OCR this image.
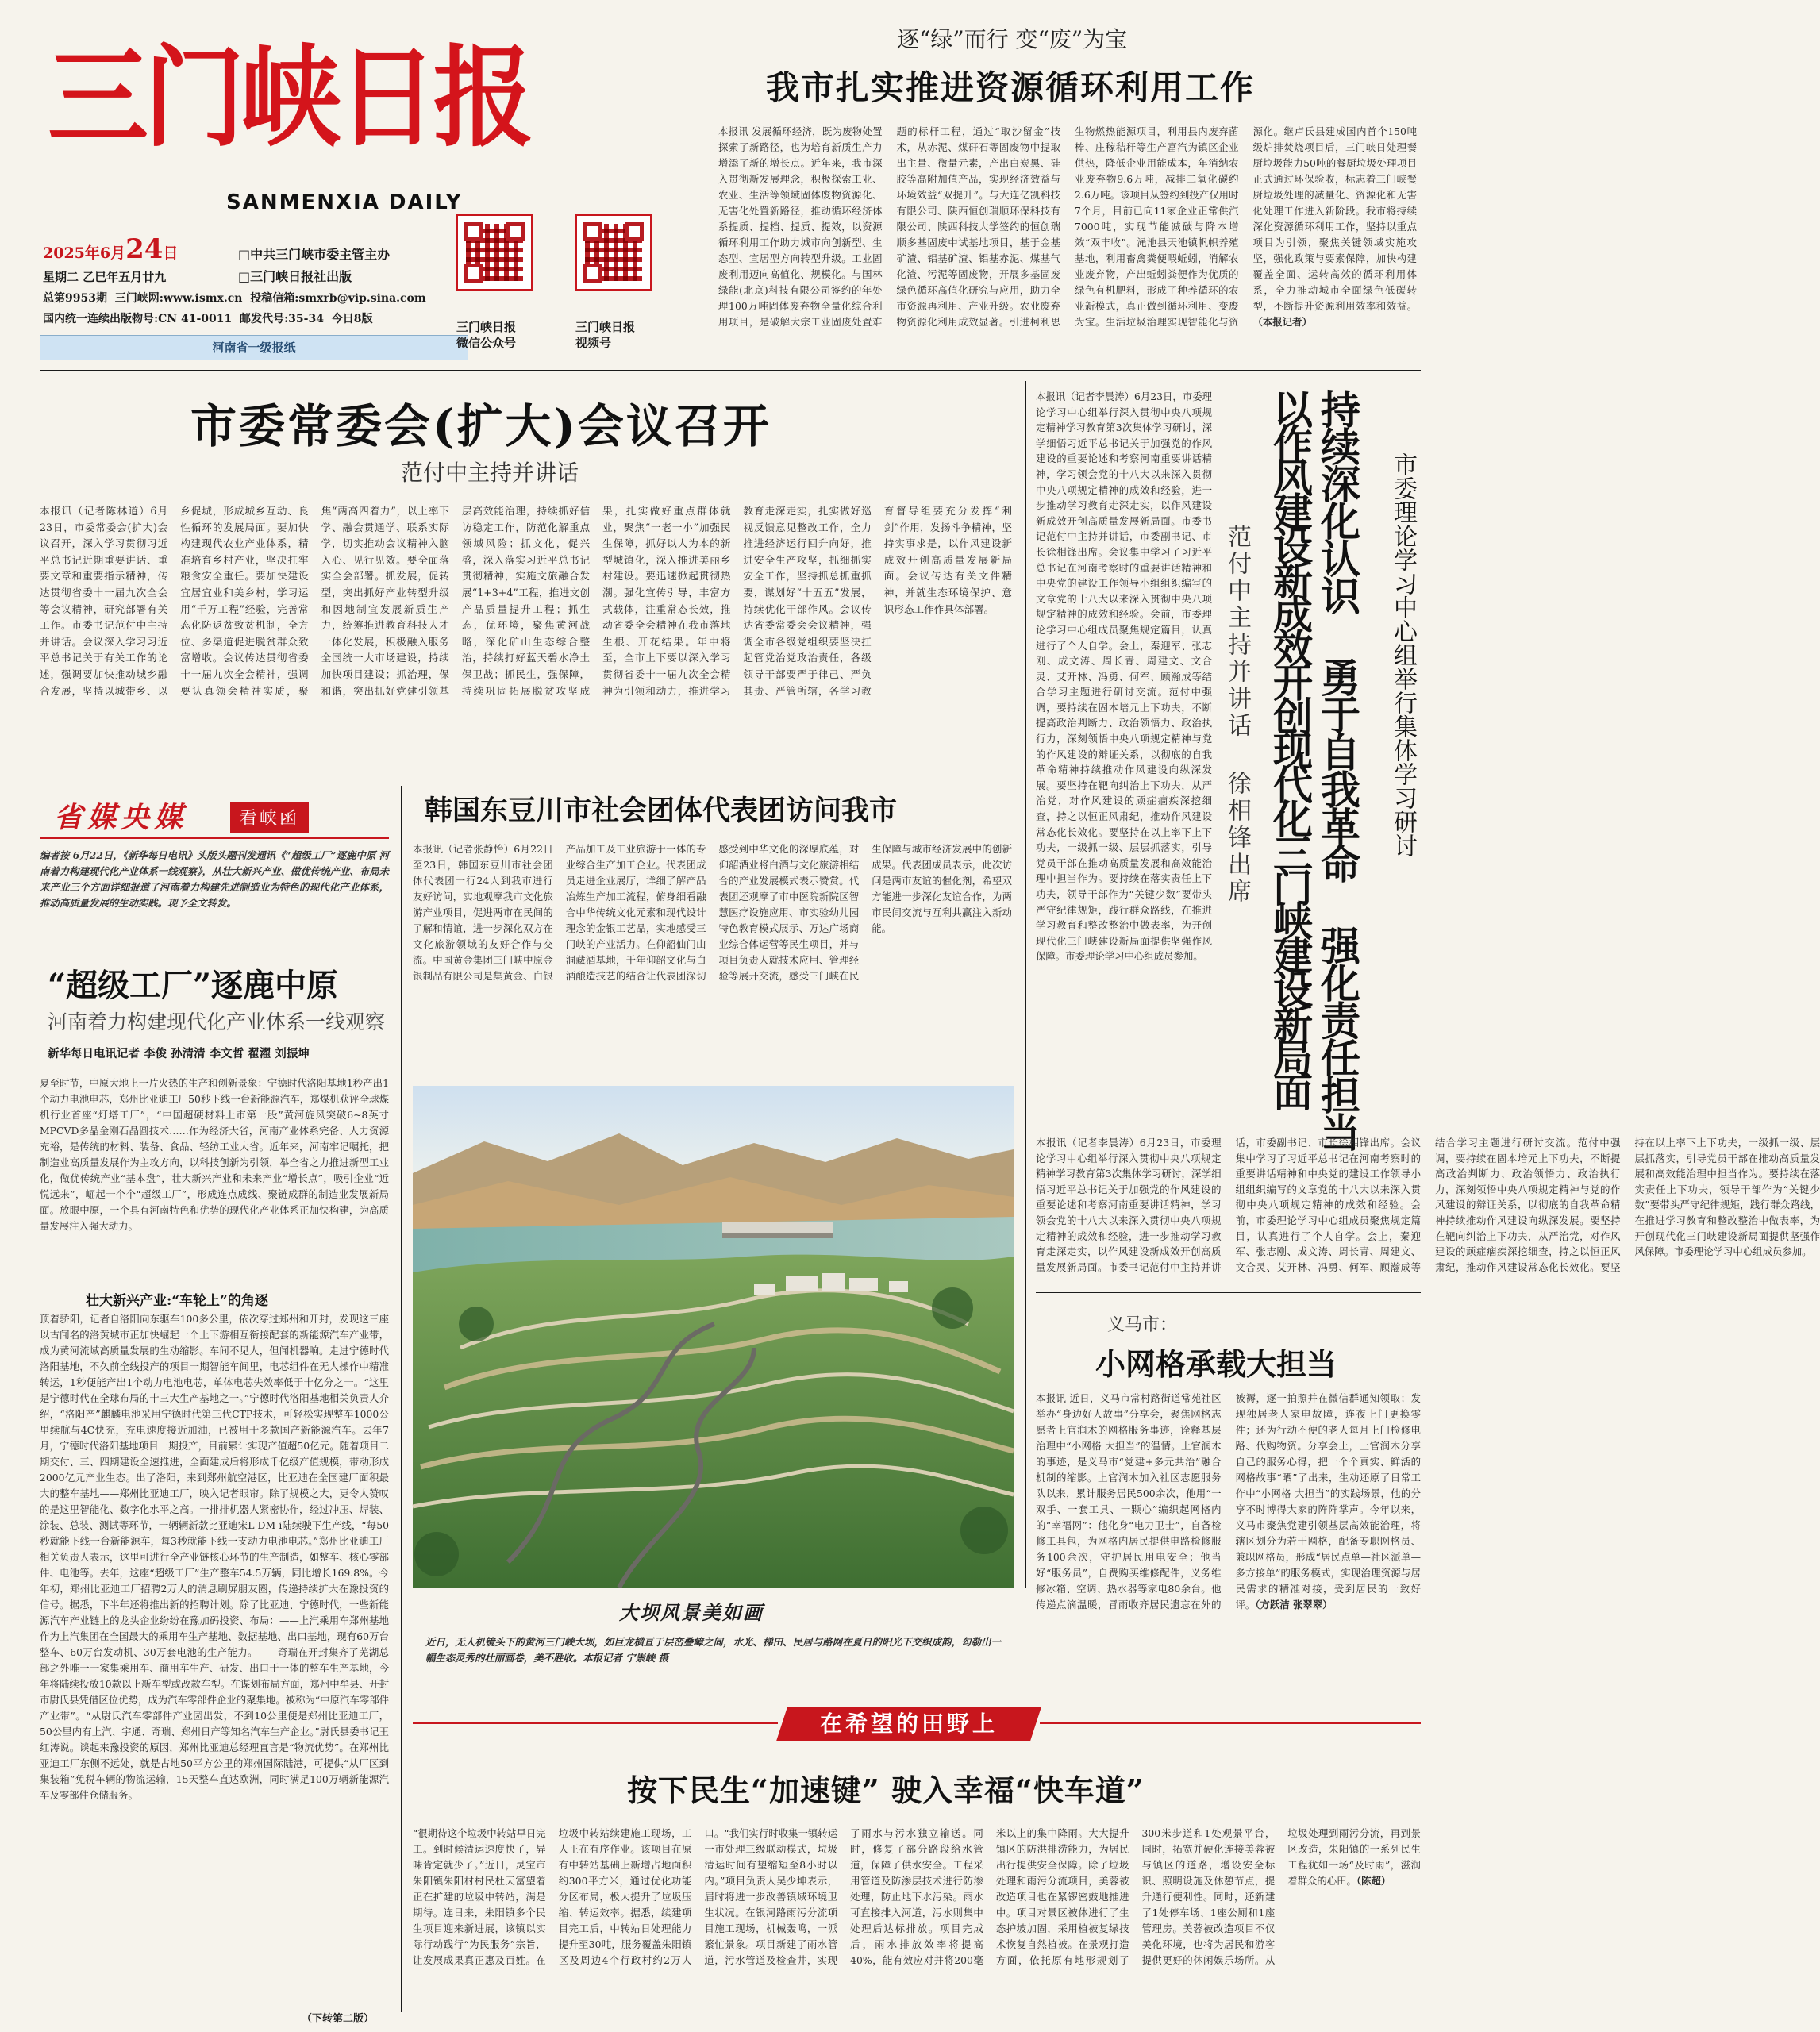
三门峡日报
SANMENXIA DAILY
2025年6月24日
星期二 乙巳年五月廿九
总第9953期 三门峡网:www.ismx.cn 投稿信箱:smxrb@vip.sina.com
国内统一连续出版物号:CN 41-0011 邮发代号:35-34 今日8版
□中共三门峡市委主管主办
□三门峡日报社出版
河南省一级报纸
三门峡日报
微信公众号
三门峡日报
视频号
逐“绿”而行 变“废”为宝
我市扎实推进资源循环利用工作
本报讯 发展循环经济，既为废物处置探索了新路径，也为培育新质生产力增添了新的增长点。近年来，我市深入贯彻新发展理念，积极探索工业、农业、生活等领域固体废物资源化、无害化处置新路径，推动循环经济体系提质、提档、提质、提效，以资源循环利用工作助力城市向创新型、生态型、宜居型方向转型升级。工业固废利用迈向高值化、规模化。与国林绿能(北京)科技有限公司签约的年处理100万吨固体废弃物全量化综合利用项目，是破解大宗工业固废处置难题的标杆工程，通过“取沙留金”技术，从赤泥、煤矸石等固废物中提取出主量、微量元素，产出白炭黑、硅胶等高附加值产品，实现经济效益与环境效益“双提升”。与大连亿凯科技有限公司、陕西恒创瑞顺环保科技有限公司、陕西科技大学签约的恒创瑞顺多基固废中试基地项目，基于金基矿渣、铝基矿渣、铝基赤泥、煤基气化渣、污泥等固废物，开展多基固废绿色循环高值化研究与应用，助力全市资源再利用、产业升级。农业废弃物资源化利用成效显著。引进柯利思生物燃热能源项目，利用县内废弃菌棒、庄稼秸秆等生产富汽为镇区企业供热，降低企业用能成本，年消纳农业废弃物9.6万吨，减排二氧化碳约2.6万吨。该项目从签约到投产仅用时7个月，目前已向11家企业正常供汽7000吨，实现节能减碳与降本增效“双丰收”。渑池县天池镇帆帜养殖基地，利用畜禽粪便喂蚯蚓，消解农业废弃物，产出蚯蚓粪便作为优质的绿色有机肥料，形成了种养循环的农业新模式，真正做到循环利用、变废为宝。生活垃圾治理实现智能化与资源化。继卢氏县建成国内首个150吨级炉排焚烧项目后，三门峡日处理餐厨垃圾能力50吨的餐厨垃圾处理项目正式通过环保验收，标志着三门峡餐厨垃圾处理的减量化、资源化和无害化处理工作进入新阶段。我市将持续深化资源循环利用工作，坚持以重点项目为引领，聚焦关键领域实施攻坚，强化政策与要素保障，加快构建覆盖全面、运转高效的循环利用体系，全力推动城市全面绿色低碳转型，不断提升资源利用效率和效益。（本报记者）
市委常委会(扩大)会议召开
范付中主持并讲话
本报讯（记者陈林道）6月23日，市委常委会(扩大)会议召开，深入学习贯彻习近平总书记近期重要讲话、重要文章和重要指示精神，传达贯彻省委十一届九次全会等会议精神，研究部署有关工作。市委书记范付中主持并讲话。会议深入学习习近平总书记关于有关工作的论述，强调要加快推动城乡融合发展，坚持以城带乡、以乡促城，形成城乡互动、良性循环的发展局面。要加快构建现代农业产业体系，精准培育乡村产业，坚决扛牢粮食安全重任。要加快建设宜居宜业和美乡村，学习运用“千万工程”经验，完善常态化防返贫致贫机制，全方位、多渠道促进脱贫群众致富增收。会议传达贯彻省委十一届九次全会精神，强调要认真领会精神实质，聚焦“两高四着力”，以上率下学、融会贯通学、联系实际学，切实推动会议精神入脑入心、见行见效。要全面落实全会部署。抓发展，促转型，突出抓好产业转型升级和因地制宜发展新质生产力，统筹推进教育科技人才一体化发展，积极融入服务全国统一大市场建设，持续加快项目建设；抓治理，保和谐，突出抓好党建引领基层高效能治理，持续抓好信访稳定工作，防范化解重点领域风险；抓文化，促兴盛，深入落实习近平总书记贯彻精神，实施文旅融合发展“1+3+4”工程，推进文创产品质量提升工程；抓生态，优环境，聚焦黄河战略，深化矿山生态综合整治，持续打好蓝天碧水净土保卫战；抓民生，强保障，持续巩固拓展脱贫攻坚成果，扎实做好重点群体就业，聚焦“一老一小”加强民生保障，抓好以人为本的新型城镇化，深入推进美丽乡村建设。要迅速掀起贯彻热潮。强化宣传引导，丰富方式载体，注重常态长效，推动省委全会精神在我市落地生根、开花结果。年中将至，全市上下要以深入学习贯彻省委十一届九次全会精神为引领和动力，推进学习教育走深走实，扎实做好巡视反馈意见整改工作，全力推进经济运行回升向好，推进安全生产攻坚，抓细抓实安全工作，坚持抓总抓重抓要，谋划好“十五五”发展，持续优化干部作风。会议传达省委常委会会议精神，强调全市各级党组织要坚决扛起管党治党政治责任，各级领导干部要严于律己、严负其责、严管所辖，各学习教育督导组要充分发挥“利剑”作用，发扬斗争精神，坚持实事求是，以作风建设新成效开创高质量发展新局面。会议传达有关文件精神，并就生态环境保护、意识形态工作作具体部署。	市委理论学习中心组举行集体学习研讨
持续深化认识 勇于自我革命 强化责任担当
以作风建设新成效开创现代化三门峡建设新局面
范付中主持并讲话 徐相锋出席
本报讯（记者李晨涛）6月23日，市委理论学习中心组举行深入贯彻中央八项规定精神学习教育第3次集体学习研讨，深学细悟习近平总书记关于加强党的作风建设的重要论述和考察河南重要讲话精神，学习领会党的十八大以来深入贯彻中央八项规定精神的成效和经验，进一步推动学习教育走深走实，以作风建设新成效开创高质量发展新局面。市委书记范付中主持并讲话，市委副书记、市长徐相锋出席。会议集中学习了习近平总书记在河南考察时的重要讲话精神和中央党的建设工作领导小组组织编写的文章党的十八大以来深入贯彻中央八项规定精神的成效和经验。会前，市委理论学习中心组成员聚焦规定篇目，认真进行了个人自学。会上，秦迎军、张志刚、成文涛、周长青、周建文、文合灵、艾开林、冯勇、何军、顾瀚成等结合学习主题进行研讨交流。范付中强调，要持续在固本培元上下功夫，不断提高政治判断力、政治领悟力、政治执行力，深刻领悟中央八项规定精神与党的作风建设的辩证关系，以彻底的自我革命精神持续推动作风建设向纵深发展。要坚持在靶向纠治上下功夫，从严治党，对作风建设的顽症痼疾深挖细查，持之以恒正风肃纪，推动作风建设常态化长效化。要坚持在以上率下上下功夫，一级抓一级、层层抓落实，引导党员干部在推动高质量发展和高效能治理中担当作为。要持续在落实责任上下功夫，领导干部作为“关键少数”要带头严守纪律规矩，践行群众路线，在推进学习教育和整改整治中做表率，为开创现代化三门峡建设新局面提供坚强作风保障。市委理论学习中心组成员参加。
本报讯（记者李晨涛）6月23日，市委理论学习中心组举行深入贯彻中央八项规定精神学习教育第3次集体学习研讨，深学细悟习近平总书记关于加强党的作风建设的重要论述和考察河南重要讲话精神，学习领会党的十八大以来深入贯彻中央八项规定精神的成效和经验，进一步推动学习教育走深走实，以作风建设新成效开创高质量发展新局面。市委书记范付中主持并讲话，市委副书记、市长徐相锋出席。会议集中学习了习近平总书记在河南考察时的重要讲话精神和中央党的建设工作领导小组组织编写的文章党的十八大以来深入贯彻中央八项规定精神的成效和经验。会前，市委理论学习中心组成员聚焦规定篇目，认真进行了个人自学。会上，秦迎军、张志刚、成文涛、周长青、周建文、文合灵、艾开林、冯勇、何军、顾瀚成等结合学习主题进行研讨交流。范付中强调，要持续在固本培元上下功夫，不断提高政治判断力、政治领悟力、政治执行力，深刻领悟中央八项规定精神与党的作风建设的辩证关系，以彻底的自我革命精神持续推动作风建设向纵深发展。要坚持在靶向纠治上下功夫，从严治党，对作风建设的顽症痼疾深挖细查，持之以恒正风肃纪，推动作风建设常态化长效化。要坚持在以上率下上下功夫，一级抓一级、层层抓落实，引导党员干部在推动高质量发展和高效能治理中担当作为。要持续在落实责任上下功夫，领导干部作为“关键少数”要带头严守纪律规矩，践行群众路线，在推进学习教育和整改整治中做表率，为开创现代化三门峡建设新局面提供坚强作风保障。市委理论学习中心组成员参加。
省媒央媒	看峡函
编者按 6月22日，《新华每日电讯》头版头题刊发通讯《“超级工厂”逐鹿中原 河南着力构建现代化产业体系一线观察》，从壮大新兴产业、做优传统产业、布局未来产业三个方面详细报道了河南着力构建先进制造业为特色的现代化产业体系，推动高质量发展的生动实践。现予全文转发。
“超级工厂”逐鹿中原
河南着力构建现代化产业体系一线观察
新华每日电讯记者 李俊 孙清清 李文哲 翟濯 刘振坤
夏至时节，中原大地上一片火热的生产和创新景象：宁德时代洛阳基地1秒产出1个动力电池电芯，郑州比亚迪工厂50秒下线一台新能源汽车，郑煤机获评全球煤机行业首座“灯塔工厂”，“中国超硬材料上市第一股”黄河旋风突破6~8英寸MPCVD多晶金刚石晶圆技术……作为经济大省，河南产业体系完备、人力资源充裕，是传统的材料、装备、食品、轻纺工业大省。近年来，河南牢记嘱托，把制造业高质量发展作为主攻方向，以科技创新为引领，举全省之力推进新型工业化，做优传统产业“基本盘”，壮大新兴产业和未来产业“增长点”，吸引企业“近悦远来”，崛起一个个“超级工厂”，形成连点成线、聚链成群的制造业发展新局面。放眼中原，一个具有河南特色和优势的现代化产业体系正加快构建，为高质量发展注入强大动力。
壮大新兴产业:“车轮上”的角逐
顶着骄阳，记者自洛阳向东驱车100多公里，依次穿过郑州和开封，发现这三座以古闻名的洛黄城市正加快崛起一个上下游相互衔接配套的新能源汽车产业带，成为黄河流域高质量发展的生动缩影。车间不见人，但闻机器响。走进宁德时代洛阳基地，不久前全线投产的项目一期智能车间里，电芯组件在无人操作中精准转运，1秒便能产出1个动力电池电芯，单体电芯失效率低于十亿分之一。“这里是宁德时代在全球布局的十三大生产基地之一。”宁德时代洛阳基地相关负责人介绍，“洛阳产”麒麟电池采用宁德时代第三代CTP技术，可轻松实现整车1000公里续航与4C快充，充电速度接近加油，已被用于多款国产新能源汽车。去年7月，宁德时代洛阳基地项目一期投产，目前累计实现产值超50亿元。随着项目二期交付、三、四期建设全速推进，全面建成后将形成千亿级产值规模，带动形成2000亿元产业生态。出了洛阳，来到郑州航空港区，比亚迪在全国建厂面积最大的整车基地——郑州比亚迪工厂，映入记者眼帘。除了规模之大，更令人赞叹的是这里智能化、数字化水平之高。一排排机器人紧密协作，经过冲压、焊装、涂装、总装、测试等环节，一辆辆新款比亚迪宋L DM-i陆续驶下生产线，“每50秒就能下线一台新能源车，每3秒就能下线一支动力电池电芯。”郑州比亚迪工厂相关负责人表示，这里可进行全产业链核心环节的生产制造，如整车、核心零部件、电池等。去年，这座“超级工厂”生产整车54.5万辆，同比增长169.8%。今年初，郑州比亚迪工厂招聘2万人的消息刷屏朋友圈，传递持续扩大在豫投资的信号。据悉，下半年还将推出新的招聘计划。除了比亚迪、宁德时代，一些新能源汽车产业链上的龙头企业纷纷在豫加码投资、布局：——上汽乘用车郑州基地作为上汽集团在全国最大的乘用车生产基地、数据基地、出口基地，现有60万台整车、60万台发动机、30万套电池的生产能力。——奇瑞在开封集齐了芜湖总部之外唯一一家集乘用车、商用车生产、研发、出口于一体的整车生产基地，今年将陆续投放10款以上新车型或改款车型。在谋划布局方面，郑州中牟县、开封市尉氏县凭借区位优势，成为汽车零部件企业的聚集地。被称为“中原汽车零部件产业带”。“从尉氏汽车零部件产业园出发，不到10公里便是郑州比亚迪工厂，50公里内有上汽、宇通、奇瑞、郑州日产等知名汽车生产企业。”尉氏县委书记王红涛说。谈起来豫投资的原因，郑州比亚迪总经理直言是“物流优势”。在郑州比亚迪工厂东侧不远处，就是占地50平方公里的郑州国际陆港，可提供“从厂区到集装箱”免税车辆的物流运输，15天整车直达欧洲，同时满足100万辆新能源汽车及零部件仓储服务。
（下转第二版）
韩国东豆川市社会团体代表团访问我市
本报讯（记者张静怡）6月22日至23日，韩国东豆川市社会团体代表团一行24人到我市进行友好访问，实地观摩我市文化旅游产业项目，促进两市在民间的了解和情谊，进一步深化双方在文化旅游领域的友好合作与交流。中国黄金集团三门峡中原金银制品有限公司是集黄金、白银产品加工及工业旅游于一体的专业综合生产加工企业。代表团成员走进企业展厅，详细了解产品冶炼生产加工流程，俯身细看融合中华传统文化元素和现代设计理念的金银工艺品，实地感受三门峡的产业活力。在仰韶仙门山洞藏酒基地，千年仰韶文化与白酒酿造技艺的结合让代表团深切感受到中华文化的深厚底蕴，对仰韶酒业将白酒与文化旅游相结合的产业发展模式表示赞赏。代表团还观摩了市中医院新院区智慧医疗设施应用、市实验幼儿园特色教育模式展示、万达广场商业综合体运营等民生项目，并与项目负责人就技术应用、管理经验等展开交流，感受三门峡在民生保障与城市经济发展中的创新成果。代表团成员表示，此次访问是两市友谊的催化剂，希望双方能进一步深化友谊合作，为两市民间交流与互利共赢注入新动能。
大坝风景美如画
近日，无人机镜头下的黄河三门峡大坝，如巨龙横亘于层峦叠嶂之间，水光、梯田、民居与路网在夏日的阳光下交织成韵，勾勒出一幅生态灵秀的壮丽画卷，美不胜收。本报记者 宁崇峡 摄
义马市：
小网格承载大担当
本报讯 近日，义马市常村路街道常苑社区举办“身边好人故事”分享会，聚焦网格志愿者上官润木的网格服务事迹，诠释基层治理中“小网格 大担当”的温情。上官润木的事迹，是义马市“党建+多元共治”融合机制的缩影。上官润木加入社区志愿服务队以来，累计服务居民500余次，他用“一双手、一套工具、一颗心”编织起网格内的“幸福网”：他化身“电力卫士”，自备检修工具包，为网格内居民提供电路检修服务100余次，守护居民用电安全；他当好“服务员”，自费购买维修配件，义务维修冰箱、空调、热水器等家电80余台。他传递点滴温暖，冒雨收齐居民遗忘在外的被褥，逐一拍照并在微信群通知领取；发现独居老人家电故障，连夜上门更换零件；还为行动不便的老人每月上门检修电路、代购物资。分享会上，上官润木分享自己的服务心得，把一个个真实、鲜活的网格故事“晒”了出来，生动还原了日常工作中“小网格 大担当”的实践场景，他的分享不时博得大家的阵阵掌声。今年以来，义马市聚焦党建引领基层高效能治理，将辖区划分为若干网格，配备专职网格员、兼职网格员，形成“居民点单—社区派单—多方接单”的服务模式，实现治理资源与居民需求的精准对接，受到居民的一致好评。（方跃洁 张翠翠）
在希望的田野上
按下民生“加速键” 驶入幸福“快车道”
“很期待这个垃圾中转站早日完工。到时候清运速度快了，异味肯定就少了。”近日，灵宝市朱阳镇朱阳村村民杜天富望着正在扩建的垃圾中转站，满是期待。连日来，朱阳镇多个民生项目迎来新进展，该镇以实际行动践行“为民服务”宗旨，让发展成果真正惠及百姓。在垃圾中转站续建施工现场，工人正在有序作业。该项目在原有中转站基础上新增占地面积约300平方米，通过优化功能分区布局，极大提升了垃圾压缩、转运效率。据悉，续建项目完工后，中转站日处理能力提升至30吨，服务覆盖朱阳镇区及周边4个行政村约2万人口。“我们实行时收集一镇转运一市处理三级联动模式，垃圾清运时间有望缩短至8小时以内。”项目负责人吴少坤表示，届时将进一步改善镇域环境卫生状况。在银河路雨污分流项目施工现场，机械轰鸣，一派繁忙景象。项目新建了雨水管道，污水管道及检查井，实现了雨水与污水独立输送。同时，修复了部分路段给水管道，保障了供水安全。工程采用管道及防渗层技术进行防渗处理，防止地下水污染。雨水可直接排入河道，污水则集中处理后达标排放。项目完成后，雨水排放效率将提高40%，能有效应对并将200毫米以上的集中降雨。大大提升镇区的防洪排涝能力，为居民出行提供安全保障。除了垃圾处理和雨污分流项目，美蓉被改造项目也在紧锣密鼓地推进中。项目对景区被体进行了生态护坡加固，采用植被复绿技术恢复自然植被。在景观打造方面，依托原有地形规划了300米步道和1处观景平台，同时，拓宽并硬化连接美蓉被与镇区的道路，增设安全标识、照明设施及休憩节点，提升通行便利性。同时，还新建了1处停车场、1座公厕和1座管理房。美蓉被改造项目不仅美化环境，也将为居民和游客提供更好的休闲娱乐场所。从垃圾处理到雨污分流，再到景区改造，朱阳镇的一系列民生工程犹如一场“及时雨”，滋润着群众的心田。（陈超）
